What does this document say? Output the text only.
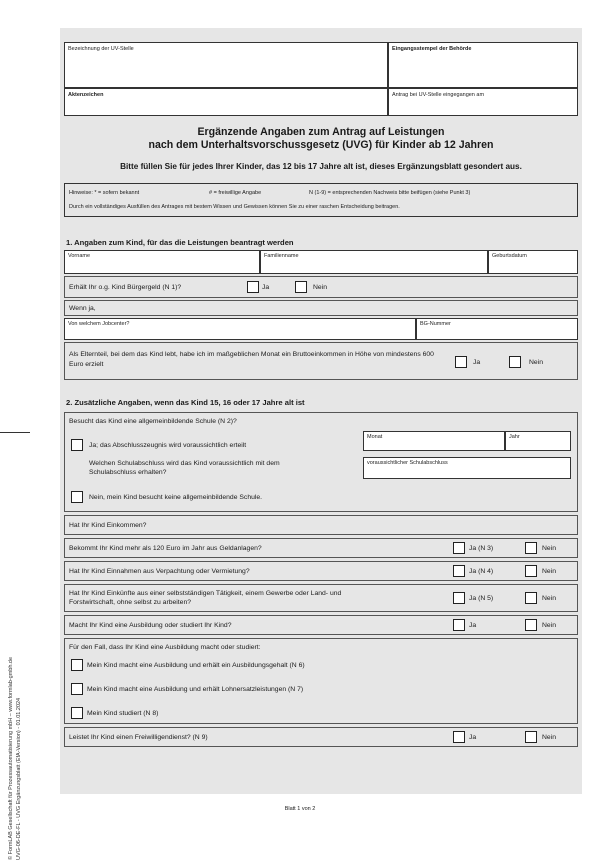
© FormLAB Gesellschaft für Prozessautomatisierung mbH – www.formlab-gmbh.de UVG-06-DE-FL - UVG Ergänzungsblatt (EfA-Version) - 01.01.2024
Bezeichnung der UV-Stelle	Eingangsstempel der Behörde
Aktenzeichen	Antrag bei UV-Stelle eingegangen am
Ergänzende Angaben zum Antrag auf Leistungen
nach dem Unterhaltsvorschussgesetz (UVG) für Kinder ab 12 Jahren
Bitte füllen Sie für jedes Ihrer Kinder, das 12 bis 17 Jahre alt ist, dieses Ergänzungsblatt gesondert aus.
Hinweise: * = sofern bekannt	# = freiwillige Angabe	N (1-9) = entsprechenden Nachweis bitte beifügen (siehe Punkt 3)
Durch ein vollständiges Ausfüllen des Antrages mit bestem Wissen und Gewissen können Sie zu einer raschen Entscheidung beitragen.
1. Angaben zum Kind, für das die Leistungen beantragt werden
Vorname	Familienname	Geburtsdatum
Erhält Ihr o.g. Kind Bürgergeld (N 1)?	Ja	Nein
Wenn ja,
Von welchem Jobcenter?	BG-Nummer
Als Elternteil, bei dem das Kind lebt, habe ich im maßgeblichen Monat ein Bruttoeinkommen in Höhe von mindestens 600 Euro erzielt	Ja	Nein
2. Zusätzliche Angaben, wenn das Kind 15, 16 oder 17 Jahre alt ist
Besucht das Kind eine allgemeinbildende Schule (N 2)?
Ja; das Abschlusszeugnis wird voraussichtlich erteilt
Monat	Jahr
Welchen Schulabschluss wird das Kind voraussichtlich mit dem Schulabschluss erhalten?
voraussichtlicher Schulabschluss
Nein, mein Kind besucht keine allgemeinbildende Schule.
Hat Ihr Kind Einkommen?
Bekommt Ihr Kind mehr als 120 Euro im Jahr aus Geldanlagen?	Ja (N 3)	Nein
Hat Ihr Kind Einnahmen aus Verpachtung oder Vermietung?	Ja (N 4)	Nein
Hat Ihr Kind Einkünfte aus einer selbstständigen Tätigkeit, einem Gewerbe oder Land- und Forstwirtschaft, ohne selbst zu arbeiten?
Ja (N 5)	Nein
Macht Ihr Kind eine Ausbildung oder studiert Ihr Kind?	Ja	Nein
Für den Fall, dass Ihr Kind eine Ausbildung macht oder studiert:
Mein Kind macht eine Ausbildung und erhält ein Ausbildungsgehalt (N 6)
Mein Kind macht eine Ausbildung und erhält Lohnersatzleistungen (N 7)
Mein Kind studiert (N 8)
Leistet Ihr Kind einen Freiwilligendienst? (N 9)	Ja	Nein
Blatt 1 von 2
